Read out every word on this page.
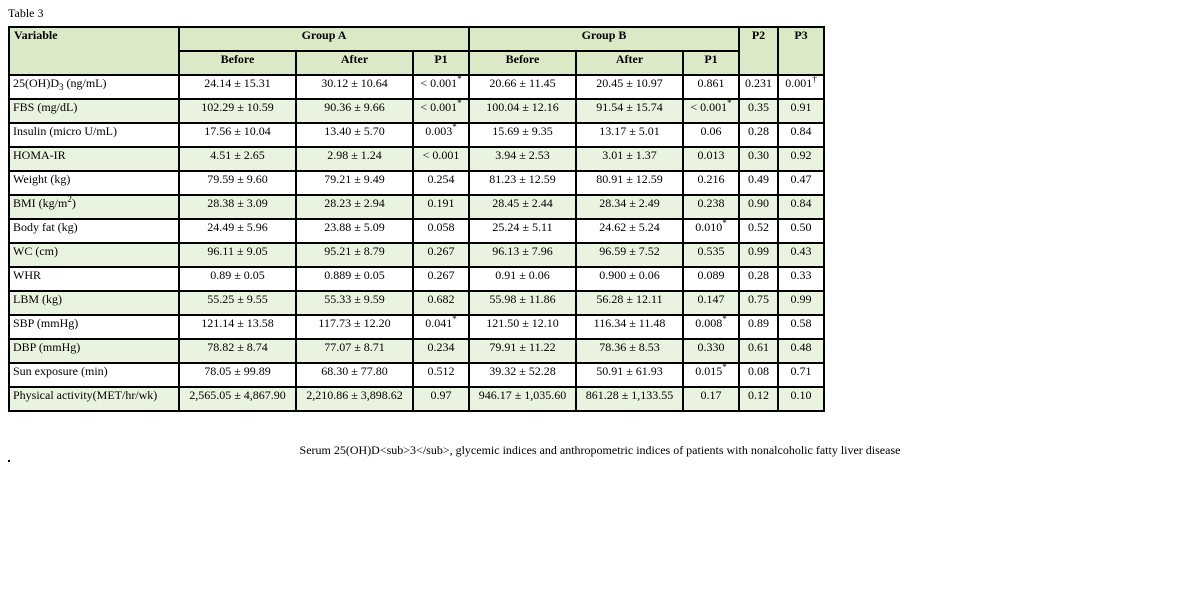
Table 3
Variable	Group A			Group B			P2	P3
	Before	After	P1	Before	After	P1		
$25(OH)D_3$ (ng/mL)	24.14 ± 15.31	30.12 ± 10.64	< 0.001*	20.66 ± 11.45	20.45 ± 10.97	0.861	0.231	0.001†
FBS (mg/dL)	102.29 ± 10.59	90.36 ± 9.66	< 0.001*	100.04 ± 12.16	91.54 ± 15.74	< 0.001*	0.35	0.91
Insulin (micro U/mL)	17.56 ± 10.04	13.40 ± 5.70	0.003*	15.69 ± 9.35	13.17 ± 5.01	0.06	0.28	0.84
HOMA-IR	4.51 ± 2.65	2.98 ± 1.24	< 0.001	3.94 ± 2.53	3.01 ± 1.37	0.013	0.30	0.92
Weight (kg)	79.59 ± 9.60	79.21 ± 9.49	0.254	81.23 ± 12.59	80.91 ± 12.59	0.216	0.49	0.47
BMI $(kg/m^2)$	28.38 ± 3.09	28.23 ± 2.94	0.191	28.45 ± 2.44	28.34 ± 2.49	0.238	0.90	0.84
Body fat (kg)	24.49 ± 5.96	23.88 ± 5.09	0.058	25.24 ± 5.11	24.62 ± 5.24	0.010*	0.52	0.50
WC (cm)	96.11 ± 9.05	95.21 ± 8.79	0.267	96.13 ± 7.96	96.59 ± 7.52	0.535	0.99	0.43
WHR	0.89 ± 0.05	0.889 ± 0.05	0.267	0.91 ± 0.06	0.900 ± 0.06	0.089	0.28	0.33
LBM (kg)	55.25 ± 9.55	55.33 ± 9.59	0.682	55.98 ± 11.86	56.28 ± 12.11	0.147	0.75	0.99
SBP (mmHg)	121.14 ± 13.58	117.73 ± 12.20	0.041*	121.50 ± 12.10	116.34 ± 11.48	0.008*	0.89	0.58
DBP (mmHg)	78.82 ± 8.74	77.07 ± 8.71	0.234	79.91 ± 11.22	78.36 ± 8.53	0.330	0.61	0.48
Sun exposure (min)	78.05 ± 99.89	68.30 ± 77.80	0.512	39.32 ± 52.28	50.91 ± 61.93	0.015*	0.08	0.71
Physical activity(MET/hr/wk)	2,565.05 ± 4,867.90	2,210.86 ± 3,898.62	0.97	946.17 ± 1,035.60	861.28 ± 1,133.55	0.17	0.12	0.10
Serum 25(OH)D<sub>3</sub>, glycemic indices and anthropometric indices of patients with nonalcoholic fatty liver disease
